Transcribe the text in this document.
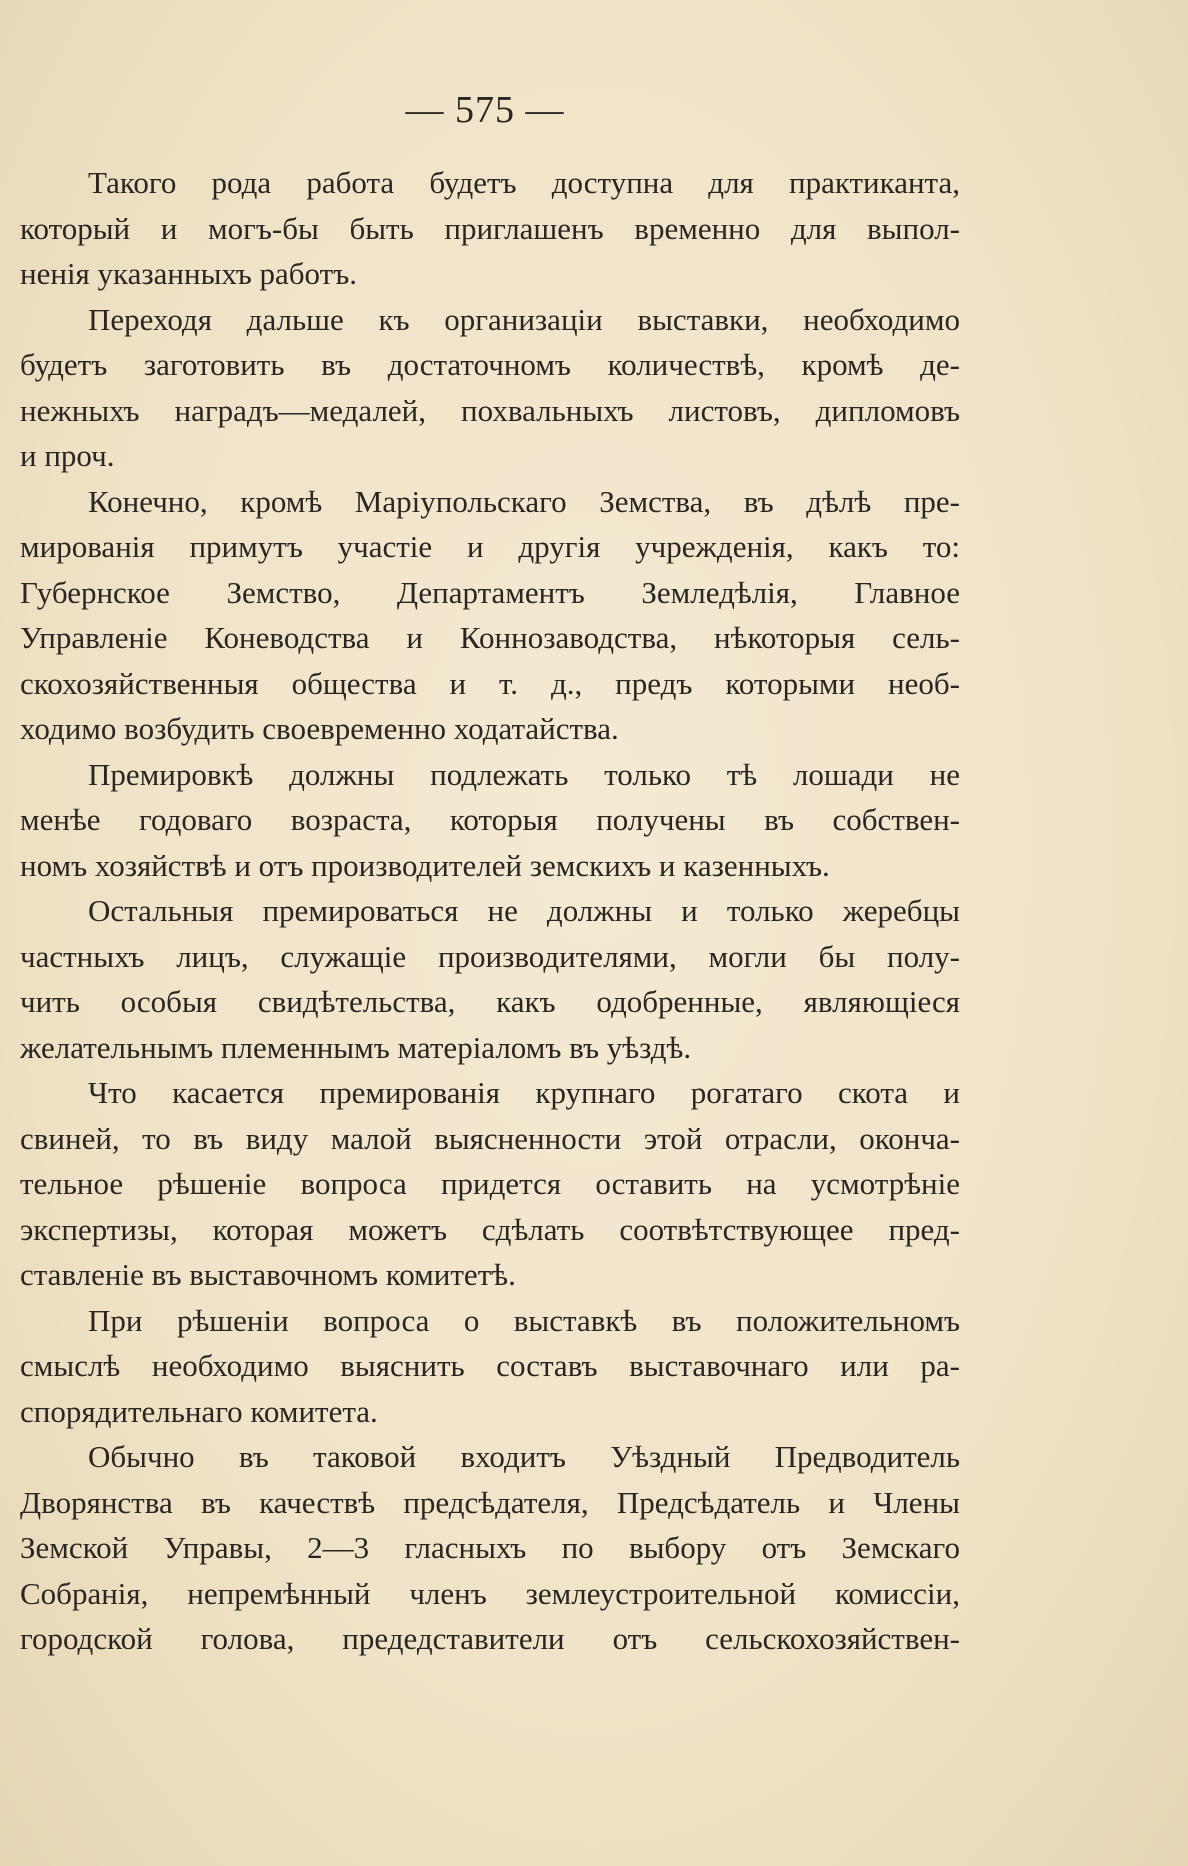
— 575 —
Такого рода работа будетъ доступна для практиканта,
который и могъ-бы быть приглашенъ временно для выпол-
ненія указанныхъ работъ.
Переходя дальше къ организаціи выставки, необходимо
будетъ заготовить въ достаточномъ количествѣ, кромѣ де-
нежныхъ наградъ—медалей, похвальныхъ листовъ, дипломовъ
и проч.
Конечно, кромѣ Маріупольскаго Земства, въ дѣлѣ пре-
мированія примутъ участіе и другія учрежденія, какъ то:
Губернское Земство, Департаментъ Земледѣлія, Главное
Управленіе Коневодства и Коннозаводства, нѣкоторыя сель-
скохозяйственныя общества и т. д., предъ которыми необ-
ходимо возбудить своевременно ходатайства.
Премировкѣ должны подлежать только тѣ лошади не
менѣе годоваго возраста, которыя получены въ собствен-
номъ хозяйствѣ и отъ производителей земскихъ и казенныхъ.
Остальныя премироваться не должны и только жеребцы
частныхъ лицъ, служащіе производителями, могли бы полу-
чить особыя свидѣтельства, какъ одобренные, являющіеся
желательнымъ племеннымъ матеріаломъ въ уѣздѣ.
Что касается премированія крупнаго рогатаго скота и
свиней, то въ виду малой выясненности этой отрасли, оконча-
тельное рѣшеніе вопроса придется оставить на усмотрѣніе
экспертизы, которая можетъ сдѣлать соотвѣтствующее пред-
ставленіе въ выставочномъ комитетѣ.
При рѣшеніи вопроса о выставкѣ въ положительномъ
смыслѣ необходимо выяснить составъ выставочнаго или ра-
спорядительнаго комитета.
Обычно въ таковой входитъ Уѣздный Предводитель
Дворянства въ качествѣ предсѣдателя, Предсѣдатель и Члены
Земской Управы, 2—3 гласныхъ по выбору отъ Земскаго
Собранія, непремѣнный членъ землеустроительной комиссіи,
городской голова, предедставители отъ сельскохозяйствен-
